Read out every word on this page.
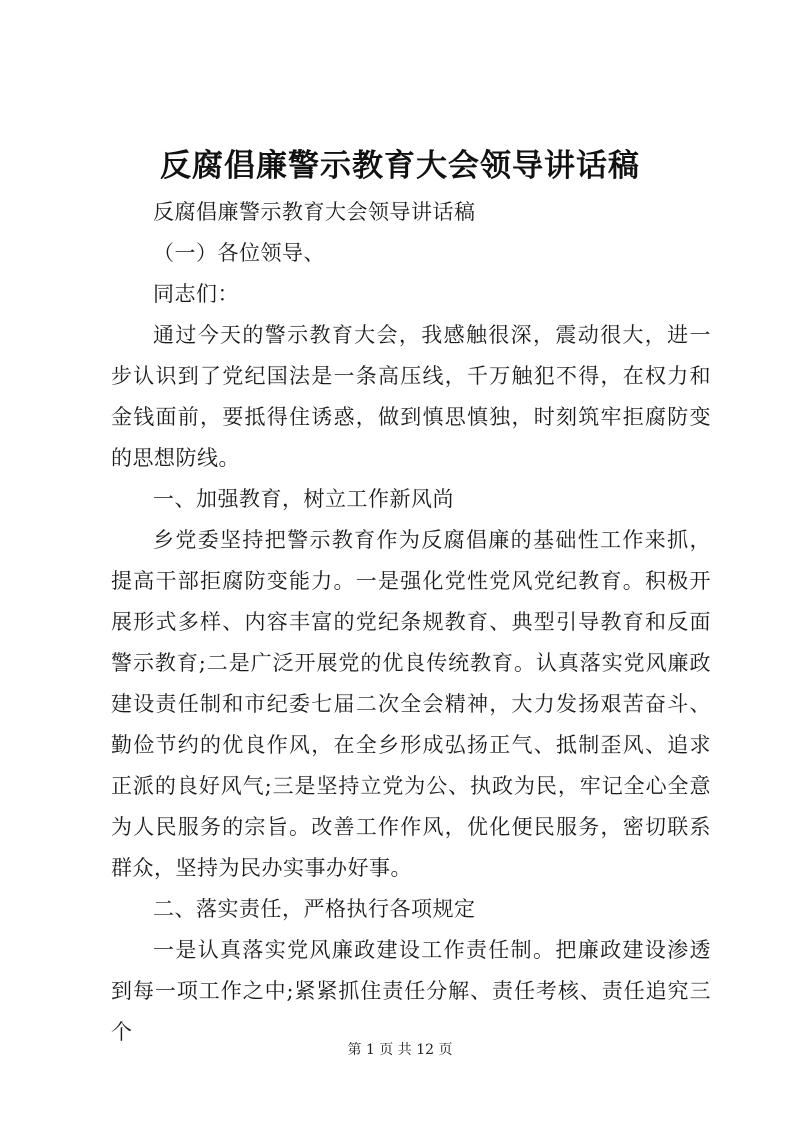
反腐倡廉警示教育大会领导讲话稿

反腐倡廉警示教育大会领导讲话稿

（一）各位领导、

同志们：

通过今天的警示教育大会，我感触很深，震动很大，进一步认识到了党纪国法是一条高压线，千万触犯不得，在权力和金钱面前，要抵得住诱惑，做到慎思慎独，时刻筑牢拒腐防变的思想防线。

一、加强教育，树立工作新风尚

乡党委坚持把警示教育作为反腐倡廉的基础性工作来抓，提高干部拒腐防变能力。一是强化党性党风党纪教育。积极开展形式多样、内容丰富的党纪条规教育、典型引导教育和反面警示教育;二是广泛开展党的优良传统教育。认真落实党风廉政建设责任制和市纪委七届二次全会精神，大力发扬艰苦奋斗、勤俭节约的优良作风，在全乡形成弘扬正气、抵制歪风、追求正派的良好风气;三是坚持立党为公、执政为民，牢记全心全意为人民服务的宗旨。改善工作作风，优化便民服务，密切联系群众，坚持为民办实事办好事。

二、落实责任，严格执行各项规定

一是认真落实党风廉政建设工作责任制。把廉政建设渗透到每一项工作之中;紧紧抓住责任分解、责任考核、责任追究三个

第 1 页 共 12 页
